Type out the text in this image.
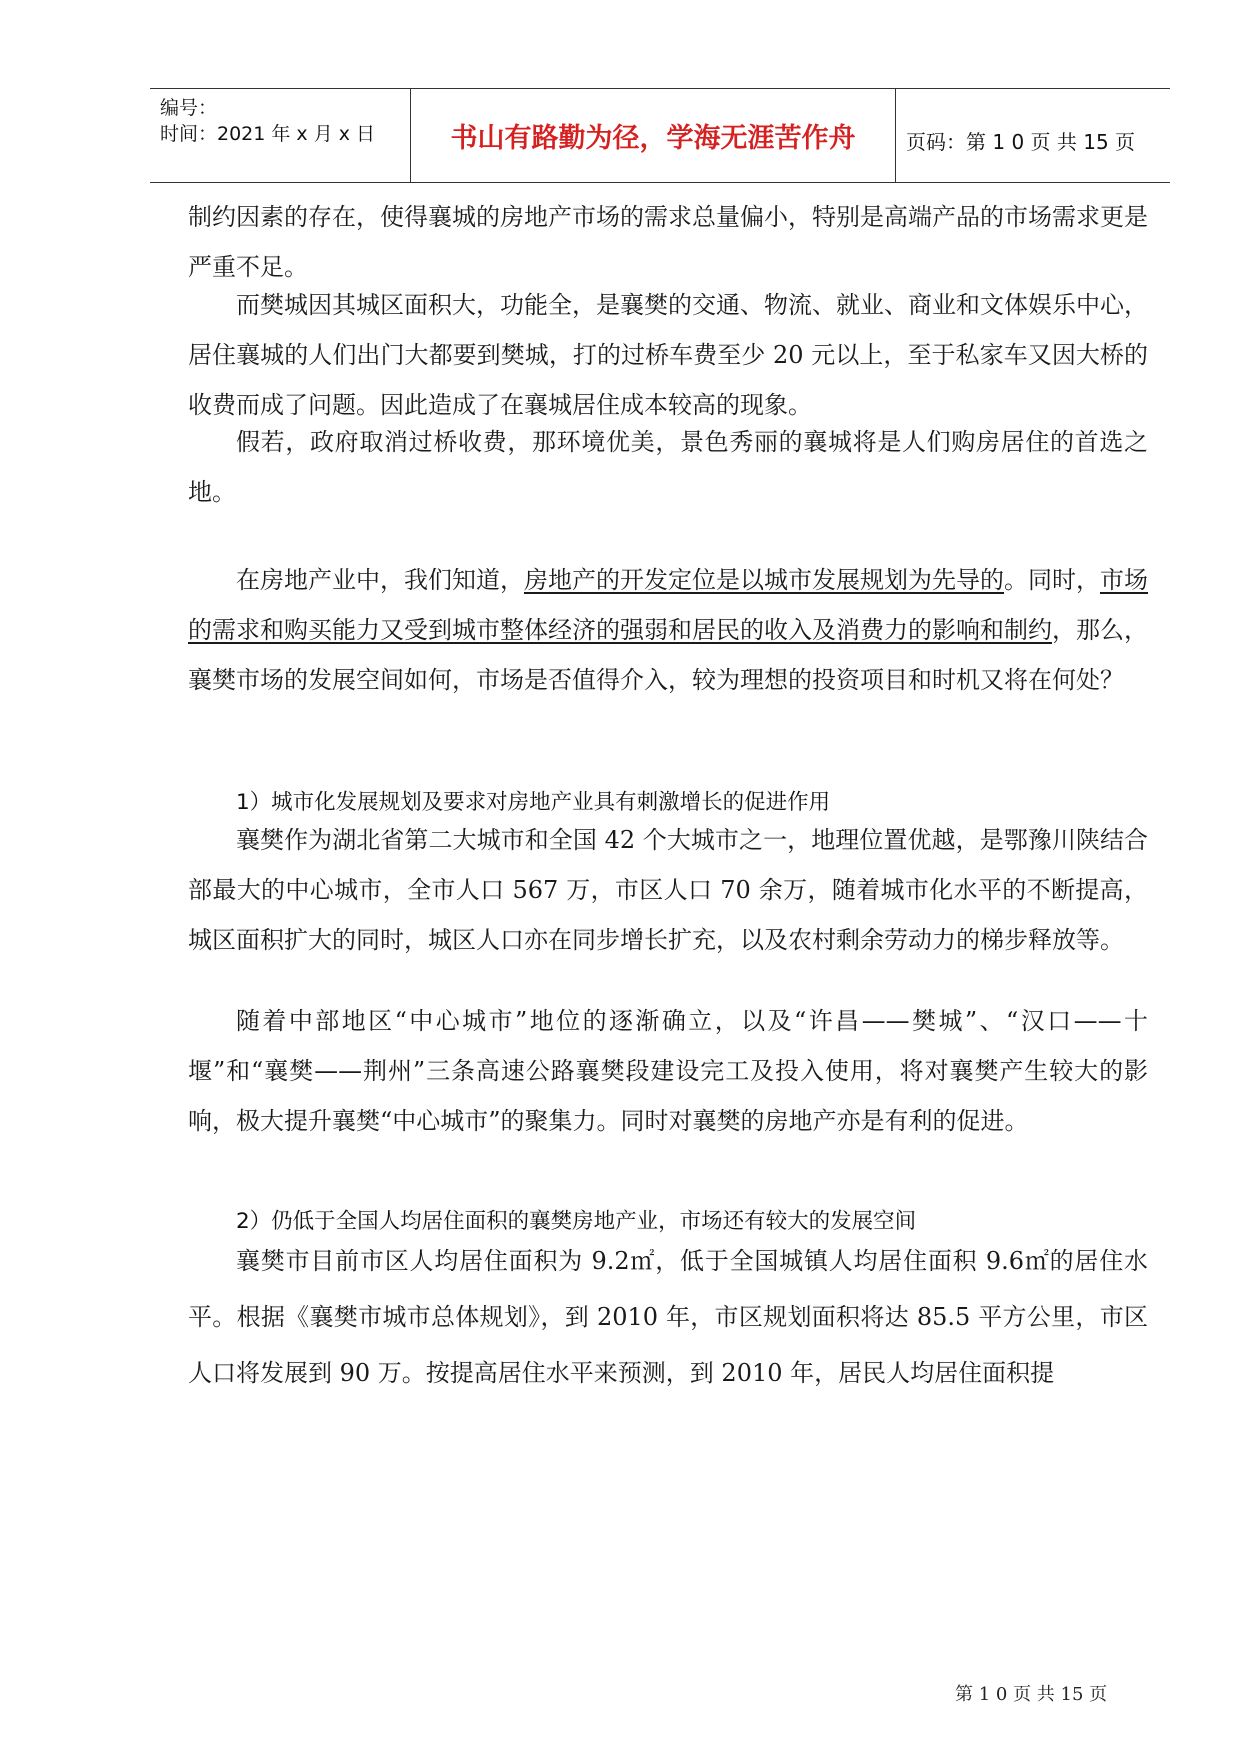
编号：
时间：2021 年 x 月 x 日	书山有路勤为径，学海无涯苦作舟	页码：第 1 0 页 共 15 页

制约因素的存在，使得襄城的房地产市场的需求总量偏小，特别是高端产品的市场需求更是严重不足。

而樊城因其城区面积大，功能全，是襄樊的交通、物流、就业、商业和文体娱乐中心，居住襄城的人们出门大都要到樊城，打的过桥车费至少 20 元以上，至于私家车又因大桥的收费而成了问题。因此造成了在襄城居住成本较高的现象。

假若，政府取消过桥收费，那环境优美，景色秀丽的襄城将是人们购房居住的首选之地。

在房地产业中，我们知道，房地产的开发定位是以城市发展规划为先导的。同时，市场的需求和购买能力又受到城市整体经济的强弱和居民的收入及消费力的影响和制约，那么，襄樊市场的发展空间如何，市场是否值得介入，较为理想的投资项目和时机又将在何处？

1）城市化发展规划及要求对房地产业具有刺激增长的促进作用

襄樊作为湖北省第二大城市和全国 42 个大城市之一，地理位置优越，是鄂豫川陕结合部最大的中心城市，全市人口 567 万，市区人口 70 余万，随着城市化水平的不断提高，城区面积扩大的同时，城区人口亦在同步增长扩充，以及农村剩余劳动力的梯步释放等。

随着中部地区“中心城市”地位的逐渐确立，以及“许昌——樊城”、“汉口——十堰”和“襄樊——荆州”三条高速公路襄樊段建设完工及投入使用，将对襄樊产生较大的影响，极大提升襄樊“中心城市”的聚集力。同时对襄樊的房地产亦是有利的促进。

2）仍低于全国人均居住面积的襄樊房地产业，市场还有较大的发展空间

襄樊市目前市区人均居住面积为 9.2㎡，低于全国城镇人均居住面积 9.6㎡的居住水平。根据《襄樊市城市总体规划》，到 2010 年，市区规划面积将达 85.5 平方公里，市区人口将发展到 90 万。按提高居住水平来预测，到 2010 年，居民人均居住面积提

第 1 0 页 共 15 页
